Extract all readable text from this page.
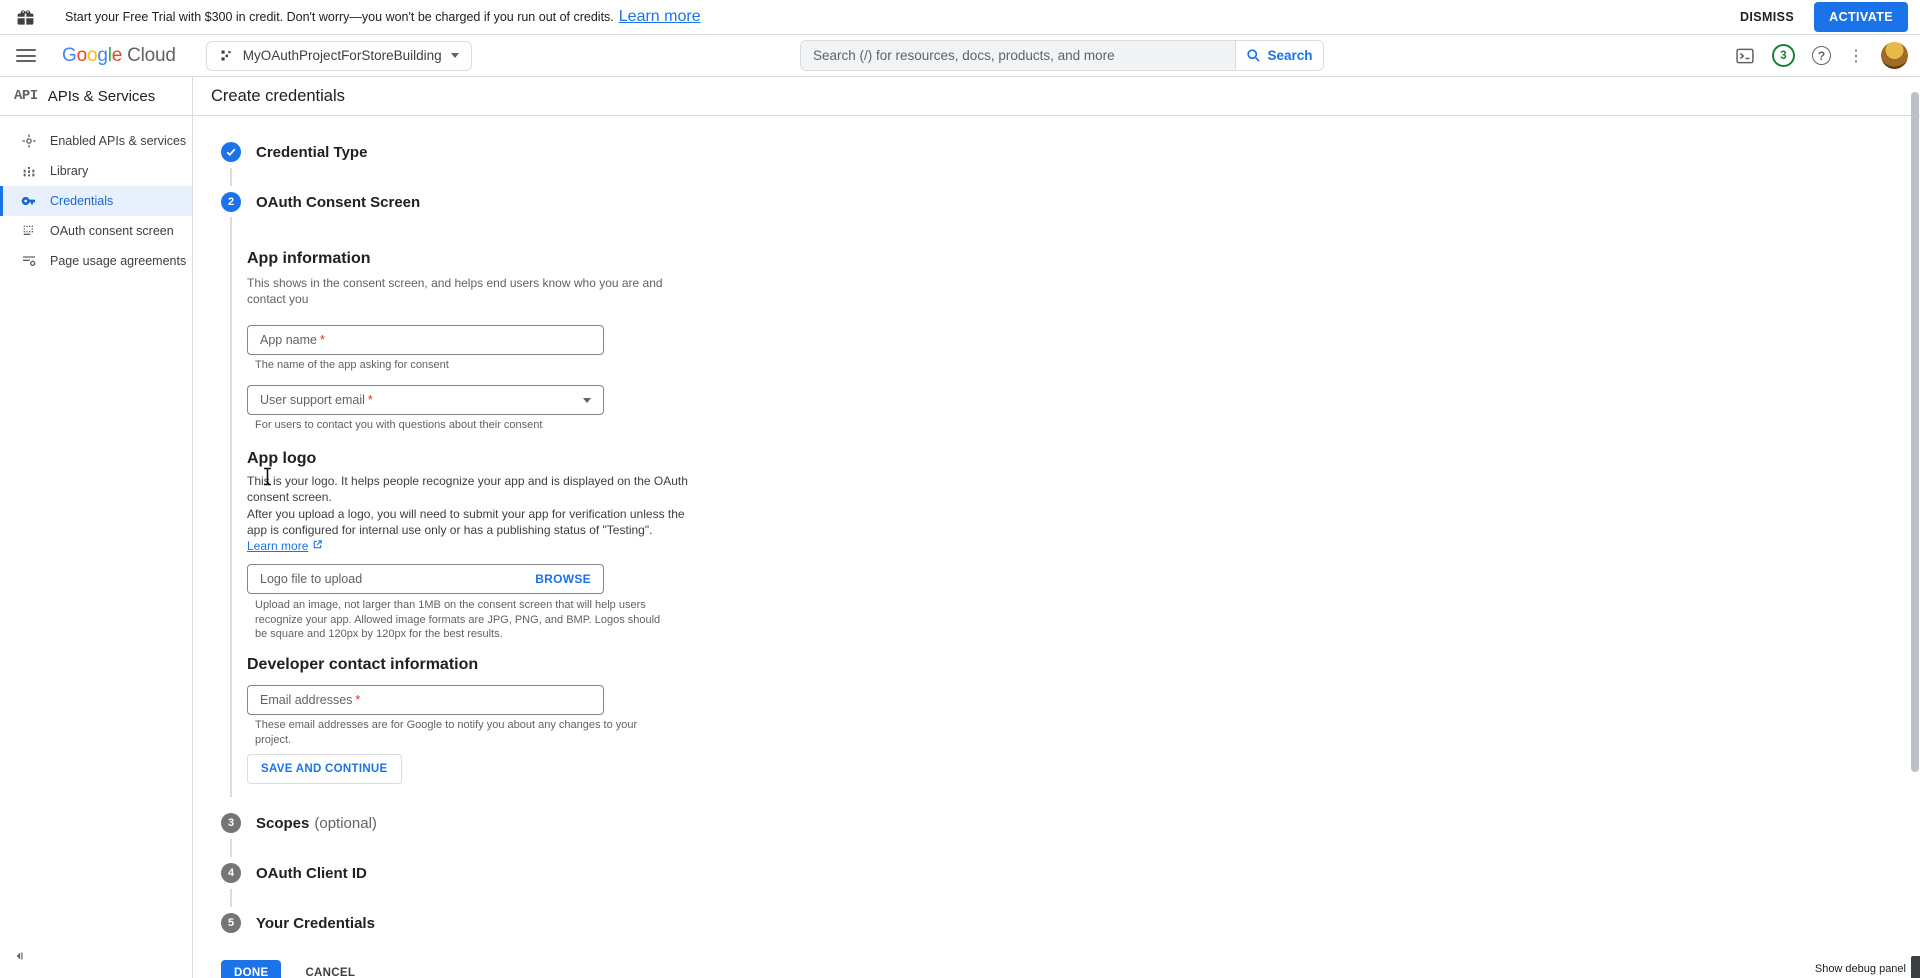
Start your Free Trial with $300 in credit. Don't worry—you won't be charged if you run out of credits. Learn more	DISMISS	ACTIVATE
Google Cloud	MyOAuthProjectForStoreBuilding
Search (/) for resources, docs, products, and more	Search	3	?	⋮
API APIs & Services
Enabled APIs & services
Library
Credentials
OAuth consent screen
Page usage agreements
Create credentials
Credential Type
2	OAuth Consent Screen
App information
This shows in the consent screen, and helps end users know who you are and
contact you
App name *
The name of the app asking for consent
User support email *
For users to contact you with questions about their consent
App logo
This is your logo. It helps people recognize your app and is displayed on the OAuth
consent screen.
After you upload a logo, you will need to submit your app for verification unless the
app is configured for internal use only or has a publishing status of "Testing".
Learn more
Logo file to upload	BROWSE
Upload an image, not larger than 1MB on the consent screen that will help users
recognize your app. Allowed image formats are JPG, PNG, and BMP. Logos should
be square and 120px by 120px for the best results.
Developer contact information
Email addresses *
These email addresses are for Google to notify you about any changes to your
project.
SAVE AND CONTINUE
3	Scopes (optional)
4	OAuth Client ID
5	Your Credentials
DONE	CANCEL	Show debug panel
